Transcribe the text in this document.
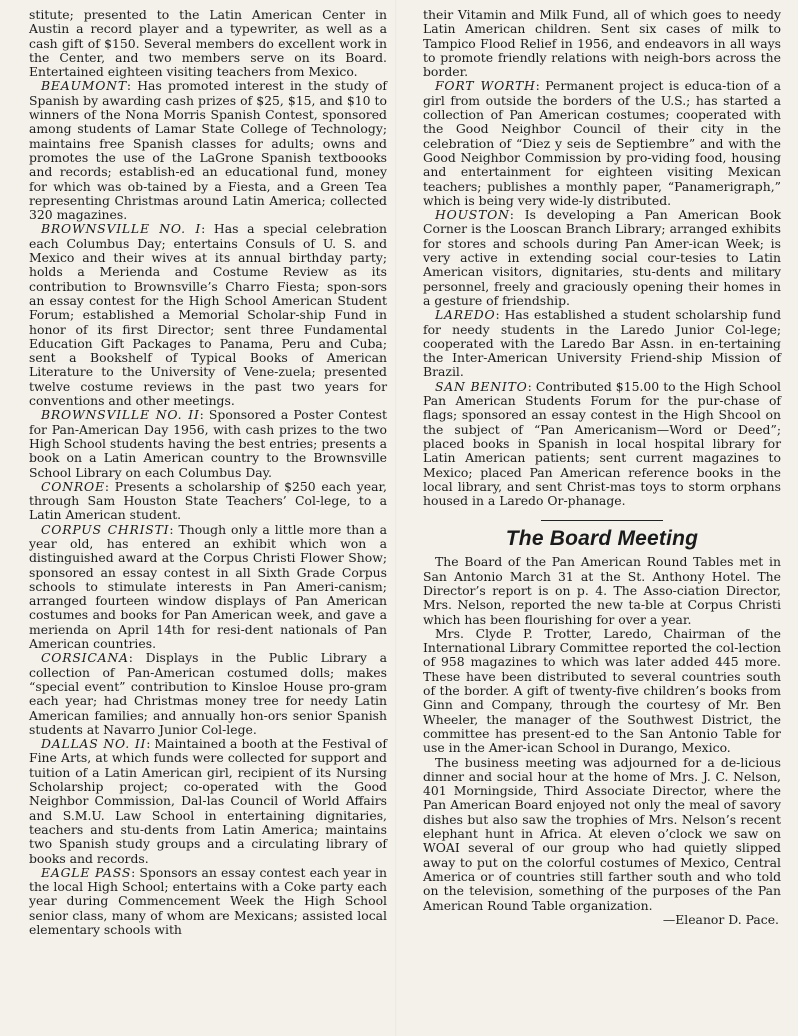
stitute; presented to the Latin American Center in Austin a record player and a typewriter, as well as a cash gift of $150. Several members do excellent work in the Center, and two members serve on its Board. Entertained eighteen visiting teachers from Mexico.

BEAUMONT: Has promoted interest in the study of Spanish by awarding cash prizes of $25, $15, and $10 to winners of the Nona Morris Spanish Contest, sponsored among students of Lamar State College of Technology; maintains free Spanish classes for adults; owns and promotes the use of the LaGrone Spanish textboooks and records; establish-ed an educational fund, money for which was ob-tained by a Fiesta, and a Green Tea representing Christmas around Latin America; collected 320 magazines.

BROWNSVILLE NO. I: Has a special celebration each Columbus Day; entertains Consuls of U. S. and Mexico and their wives at its annual birthday party; holds a Merienda and Costume Review as its contribution to Brownsville’s Charro Fiesta; spon-sors an essay contest for the High School American Student Forum; established a Memorial Scholar-ship Fund in honor of its first Director; sent three Fundamental Education Gift Packages to Panama, Peru and Cuba; sent a Bookshelf of Typical Books of American Literature to the University of Vene-zuela; presented twelve costume reviews in the past two years for conventions and other meetings.

BROWNSVILLE NO. II: Sponsored a Poster Contest for Pan-American Day 1956, with cash prizes to the two High School students having the best entries; presents a book on a Latin American country to the Brownsville School Library on each Columbus Day.

CONROE: Presents a scholarship of $250 each year, through Sam Houston State Teachers’ Col-lege, to a Latin American student.

CORPUS CHRISTI: Though only a little more than a year old, has entered an exhibit which won a distinguished award at the Corpus Christi Flower Show; sponsored an essay contest in all Sixth Grade Corpus schools to stimulate interests in Pan Ameri-canism; arranged fourteen window displays of Pan American costumes and books for Pan American week, and gave a merienda on April 14th for resi-dent nationals of Pan American countries.

CORSICANA: Displays in the Public Library a collection of Pan-American costumed dolls; makes “special event” contribution to Kinsloe House pro-gram each year; had Christmas money tree for needy Latin American families; and annually hon-ors senior Spanish students at Navarro Junior Col-lege.

DALLAS NO. II: Maintained a booth at the Festival of Fine Arts, at which funds were collected for support and tuition of a Latin American girl, recipient of its Nursing Scholarship project; co-operated with the Good Neighbor Commission, Dal-las Council of World Affairs and S.M.U. Law School in entertaining dignitaries, teachers and stu-dents from Latin America; maintains two Spanish study groups and a circulating library of books and records.

EAGLE PASS: Sponsors an essay contest each year in the local High School; entertains with a Coke party each year during Commencement Week the High School senior class, many of whom are Mexicans; assisted local elementary schools with

their Vitamin and Milk Fund, all of which goes to needy Latin American children. Sent six cases of milk to Tampico Flood Relief in 1956, and endeavors in all ways to promote friendly relations with neigh-bors across the border.

FORT WORTH: Permanent project is educa-tion of a girl from outside the borders of the U.S.; has started a collection of Pan American costumes; cooperated with the Good Neighbor Council of their city in the celebration of “Diez y seis de Septiembre” and with the Good Neighbor Commission by pro-viding food, housing and entertainment for eighteen visiting Mexican teachers; publishes a monthly paper, “Panamerigraph,” which is being very wide-ly distributed.

HOUSTON: Is developing a Pan American Book Corner is the Looscan Branch Library; arranged exhibits for stores and schools during Pan Amer-ican Week; is very active in extending social cour-tesies to Latin American visitors, dignitaries, stu-dents and military personnel, freely and graciously opening their homes in a gesture of friendship.

LAREDO: Has established a student scholarship fund for needy students in the Laredo Junior Col-lege; cooperated with the Laredo Bar Assn. in en-tertaining the Inter-American University Friend-ship Mission of Brazil.

SAN BENITO: Contributed $15.00 to the High School Pan American Students Forum for the pur-chase of flags; sponsored an essay contest in the High Shcool on the subject of “Pan Americanism—Word or Deed”; placed books in Spanish in local hospital library for Latin American patients; sent current magazines to Mexico; placed Pan American reference books in the local library, and sent Christ-mas toys to storm orphans housed in a Laredo Or-phanage.

The Board Meeting

The Board of the Pan American Round Tables met in San Antonio March 31 at the St. Anthony Hotel. The Director’s report is on p. 4. The Asso-ciation Director, Mrs. Nelson, reported the new ta-ble at Corpus Christi which has been flourishing for over a year.

Mrs. Clyde P. Trotter, Laredo, Chairman of the International Library Committee reported the col-lection of 958 magazines to which was later added 445 more. These have been distributed to several countries south of the border. A gift of twenty-five children’s books from Ginn and Company, through the courtesy of Mr. Ben Wheeler, the manager of the Southwest District, the committee has present-ed to the San Antonio Table for use in the Amer-ican School in Durango, Mexico.

The business meeting was adjourned for a de-licious dinner and social hour at the home of Mrs. J. C. Nelson, 401 Morningside, Third Associate Director, where the Pan American Board enjoyed not only the meal of savory dishes but also saw the trophies of Mrs. Nelson’s recent elephant hunt in Africa. At eleven o’clock we saw on WOAI several of our group who had quietly slipped away to put on the colorful costumes of Mexico, Central America or of countries still farther south and who told on the television, something of the purposes of the Pan American Round Table organization.

—Eleanor D. Pace.
